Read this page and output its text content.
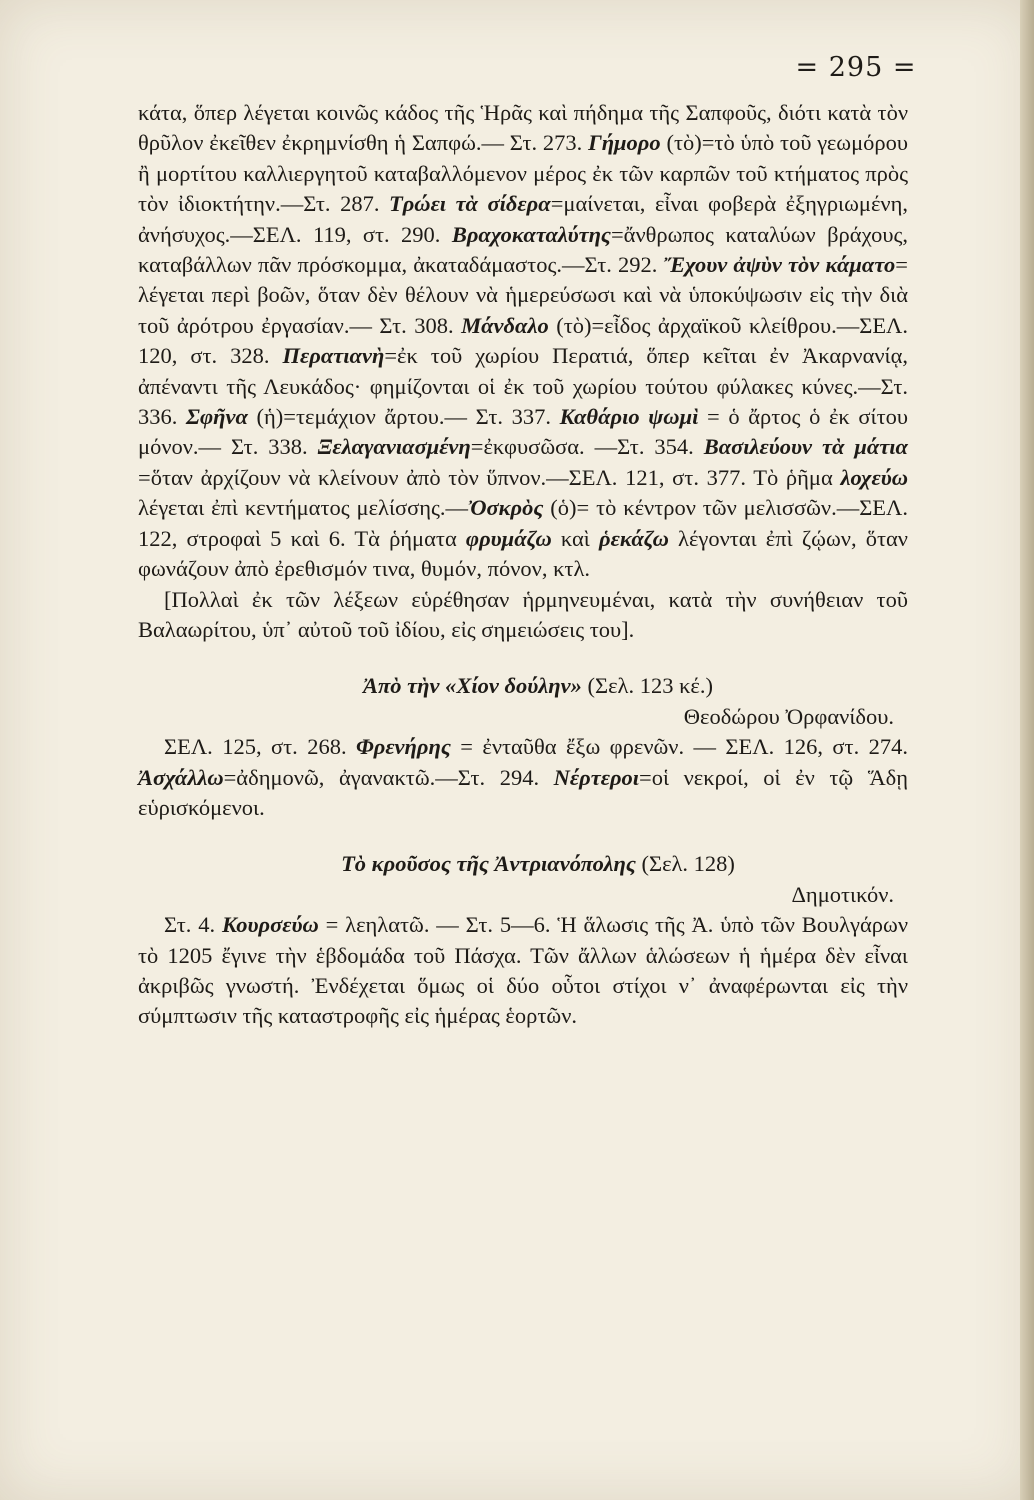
= 295 =

κάτα, ὅπερ λέγεται κοινῶς κάδος τῆς Ἡρᾶς καὶ πήδημα τῆς Σαπφοῦς, διότι κατὰ τὸν θρῦλον ἐκεῖθεν ἐκρημνίσθη ἡ Σαπφώ.— Στ. 273. Γήμορο (τὸ)=τὸ ὑπὸ τοῦ γεωμόρου ἢ μορτίτου καλλιεργητοῦ καταβαλλόμενον μέρος ἐκ τῶν καρπῶν τοῦ κτήματος πρὸς τὸν ἰδιοκτήτην.—Στ. 287. Τρώει τὰ σίδερα=μαίνεται, εἶναι φοβερὰ ἐξηγριωμένη, ἀνήσυχος.—ΣΕΛ. 119, στ. 290. Βραχοκαταλύτης=ἄνθρωπος καταλύων βράχους, καταβάλλων πᾶν πρόσκομμα, ἀκαταδάμαστος.—Στ. 292. Ἔχουν ἀψὺν τὸν κάματο= λέγεται περὶ βοῶν, ὅταν δὲν θέλουν νὰ ἡμερεύσωσι καὶ νὰ ὑποκύψωσιν εἰς τὴν διὰ τοῦ ἀρότρου ἐργασίαν.— Στ. 308. Μάνδαλο (τὸ)=εἶδος ἀρχαϊκοῦ κλείθρου.—ΣΕΛ. 120, στ. 328. Περατιανὴ=ἐκ τοῦ χωρίου Περατιά, ὅπερ κεῖται ἐν Ἀκαρνανίᾳ, ἀπέναντι τῆς Λευκάδος· φημίζονται οἱ ἐκ τοῦ χωρίου τούτου φύλακες κύνες.—Στ. 336. Σφῆνα (ἡ)=τεμάχιον ἄρτου.— Στ. 337. Καθάριο ψωμὶ = ὁ ἄρτος ὁ ἐκ σίτου μόνον.— Στ. 338. Ξελαγανιασμένη=ἐκφυσῶσα. —Στ. 354. Βασιλεύουν τὰ μάτια =ὅταν ἀρχίζουν νὰ κλείνουν ἀπὸ τὸν ὕπνον.—ΣΕΛ. 121, στ. 377. Τὸ ῥῆμα λοχεύω λέγεται ἐπὶ κεντήματος μελίσσης.—Ὀσκρὸς (ὁ)= τὸ κέντρον τῶν μελισσῶν.—ΣΕΛ. 122, στροφαὶ 5 καὶ 6. Τὰ ῥήματα φρυμάζω καὶ ῥεκάζω λέγονται ἐπὶ ζῴων, ὅταν φωνάζουν ἀπὸ ἐρεθισμόν τινα, θυμόν, πόνον, κτλ.

[Πολλαὶ ἐκ τῶν λέξεων εὑρέθησαν ἡρμηνευμέναι, κατὰ τὴν συνήθειαν τοῦ Βαλαωρίτου, ὑπ᾽ αὐτοῦ τοῦ ἰδίου, εἰς σημειώσεις του].

Ἀπὸ τὴν «Χίον δούλην» (Σελ. 123 κέ.)

Θεοδώρου Ὀρφανίδου.

ΣΕΛ. 125, στ. 268. Φρενήρης = ἐνταῦθα ἔξω φρενῶν. — ΣΕΛ. 126, στ. 274. Ἀσχάλλω=ἀδημονῶ, ἀγανακτῶ.—Στ. 294. Νέρτεροι=οἱ νεκροί, οἱ ἐν τῷ Ἅδῃ εὑρισκόμενοι.

Τὸ κροῦσος τῆς Ἀντριανόπολης (Σελ. 128)

Δημοτικόν.

Στ. 4. Κουρσεύω = λεηλατῶ. — Στ. 5—6. Ἡ ἅλωσις τῆς Ἀ. ὑπὸ τῶν Βουλγάρων τὸ 1205 ἔγινε τὴν ἑβδομάδα τοῦ Πάσχα. Τῶν ἄλλων ἁλώσεων ἡ ἡμέρα δὲν εἶναι ἀκριβῶς γνωστή. Ἐνδέχεται ὅμως οἱ δύο οὗτοι στίχοι ν᾽ ἀναφέρωνται εἰς τὴν σύμπτωσιν τῆς καταστροφῆς εἰς ἡμέρας ἑορτῶν.
